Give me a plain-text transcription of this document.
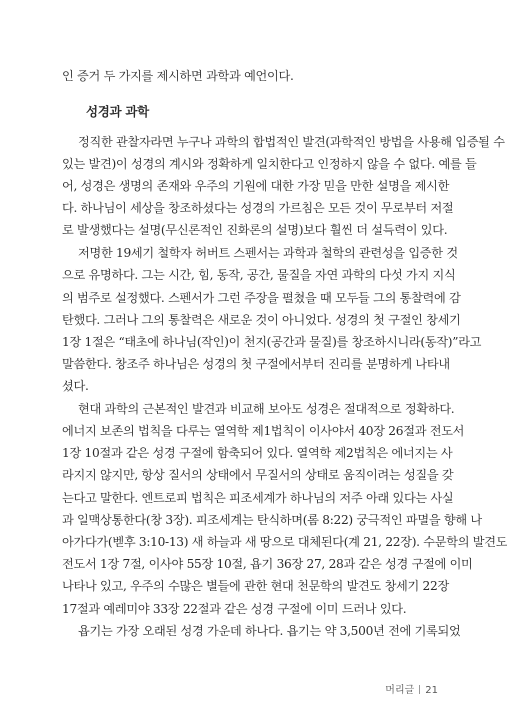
인 증거 두 가지를 제시하면 과학과 예언이다.
성경과 과학
정직한 관찰자라면 누구나 과학의 합법적인 발견(과학적인 방법을 사용해 입증될 수
있는 발견)이 성경의 계시와 정확하게 일치한다고 인정하지 않을 수 없다. 예를 들
어, 성경은 생명의 존재와 우주의 기원에 대한 가장 믿을 만한 설명을 제시한
다. 하나님이 세상을 창조하셨다는 성경의 가르침은 모든 것이 무로부터 저절
로 발생했다는 설명(무신론적인 진화론의 설명)보다 훨씬 더 설득력이 있다.
저명한 19세기 철학자 허버트 스펜서는 과학과 철학의 관련성을 입증한 것
으로 유명하다. 그는 시간, 힘, 동작, 공간, 물질을 자연 과학의 다섯 가지 지식
의 범주로 설정했다. 스펜서가 그런 주장을 펼쳤을 때 모두들 그의 통찰력에 감
탄했다. 그러나 그의 통찰력은 새로운 것이 아니었다. 성경의 첫 구절인 창세기
1장 1절은 “태초에 하나님(작인)이 천지(공간과 물질)를 창조하시니라(동작)”라고
말씀한다. 창조주 하나님은 성경의 첫 구절에서부터 진리를 분명하게 나타내
셨다.
현대 과학의 근본적인 발견과 비교해 보아도 성경은 절대적으로 정확하다.
에너지 보존의 법칙을 다루는 열역학 제1법칙이 이사야서 40장 26절과 전도서
1장 10절과 같은 성경 구절에 함축되어 있다. 열역학 제2법칙은 에너지는 사
라지지 않지만, 항상 질서의 상태에서 무질서의 상태로 움직이려는 성질을 갖
는다고 말한다. 엔트로피 법칙은 피조세계가 하나님의 저주 아래 있다는 사실
과 일맥상통한다(창 3장). 피조세계는 탄식하며(롬 8:22) 궁극적인 파멸을 향해 나
아가다가(벧후 3:10-13) 새 하늘과 새 땅으로 대체된다(계 21, 22장). 수문학의 발견도
전도서 1장 7절, 이사야 55장 10절, 욥기 36장 27, 28과 같은 성경 구절에 이미
나타나 있고, 우주의 수많은 별들에 관한 현대 천문학의 발견도 창세기 22장
17절과 예레미야 33장 22절과 같은 성경 구절에 이미 드러나 있다.
욥기는 가장 오래된 성경 가운데 하나다. 욥기는 약 3,500년 전에 기록되었
머리글 21
